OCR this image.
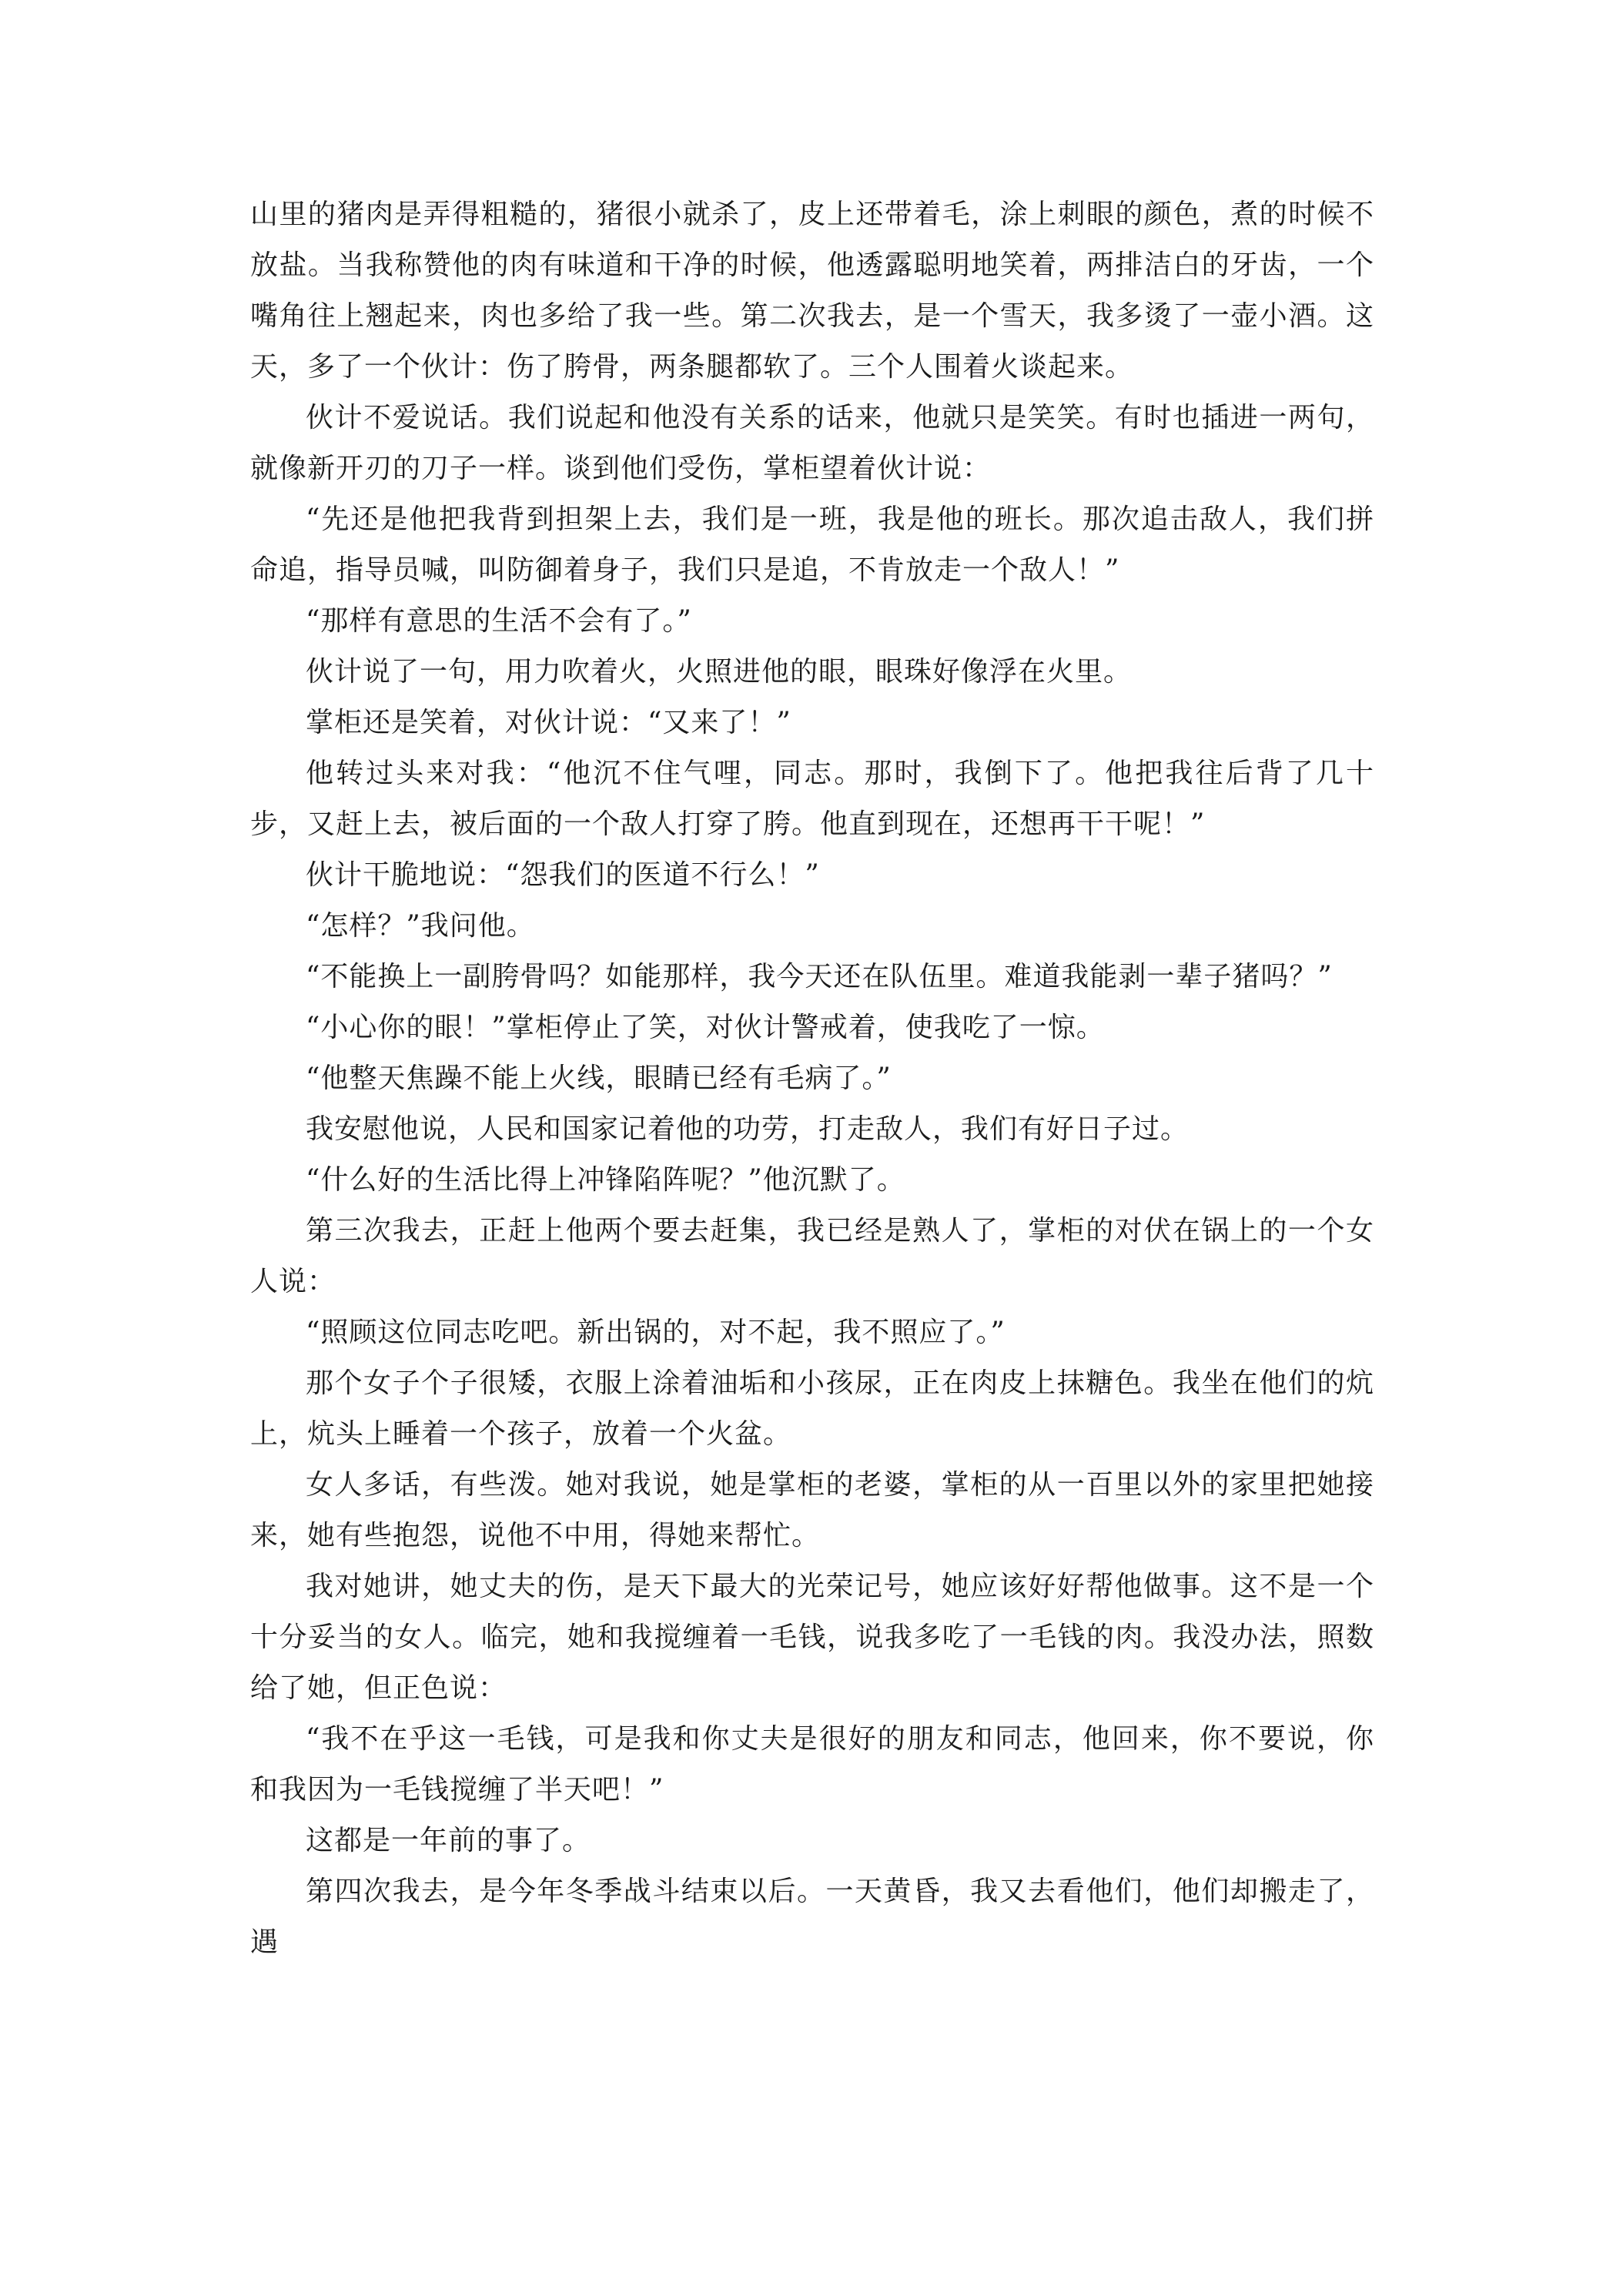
山里的猪肉是弄得粗糙的，猪很小就杀了，皮上还带着毛，涂上刺眼的颜色，煮的时候不放盐。当我称赞他的肉有味道和干净的时候，他透露聪明地笑着，两排洁白的牙齿，一个嘴角往上翘起来，肉也多给了我一些。第二次我去，是一个雪天，我多烫了一壶小酒。这天，多了一个伙计：伤了胯骨，两条腿都软了。三个人围着火谈起来。

伙计不爱说话。我们说起和他没有关系的话来，他就只是笑笑。有时也插进一两句，就像新开刃的刀子一样。谈到他们受伤，掌柜望着伙计说：

“先还是他把我背到担架上去，我们是一班，我是他的班长。那次追击敌人，我们拼命追，指导员喊，叫防御着身子，我们只是追，不肯放走一个敌人！”

“那样有意思的生活不会有了。”

伙计说了一句，用力吹着火，火照进他的眼，眼珠好像浮在火里。

掌柜还是笑着，对伙计说：“又来了！”

他转过头来对我：“他沉不住气哩，同志。那时，我倒下了。他把我往后背了几十步，又赶上去，被后面的一个敌人打穿了胯。他直到现在，还想再干干呢！”

伙计干脆地说：“怨我们的医道不行么！”

“怎样？”我问他。

“不能换上一副胯骨吗？如能那样，我今天还在队伍里。难道我能剥一辈子猪吗？”

“小心你的眼！”掌柜停止了笑，对伙计警戒着，使我吃了一惊。

“他整天焦躁不能上火线，眼睛已经有毛病了。”

我安慰他说，人民和国家记着他的功劳，打走敌人，我们有好日子过。

“什么好的生活比得上冲锋陷阵呢？”他沉默了。

第三次我去，正赶上他两个要去赶集，我已经是熟人了，掌柜的对伏在锅上的一个女人说：

“照顾这位同志吃吧。新出锅的，对不起，我不照应了。”

那个女子个子很矮，衣服上涂着油垢和小孩尿，正在肉皮上抹糖色。我坐在他们的炕上，炕头上睡着一个孩子，放着一个火盆。

女人多话，有些泼。她对我说，她是掌柜的老婆，掌柜的从一百里以外的家里把她接来，她有些抱怨，说他不中用，得她来帮忙。

我对她讲，她丈夫的伤，是天下最大的光荣记号，她应该好好帮他做事。这不是一个十分妥当的女人。临完，她和我搅缠着一毛钱，说我多吃了一毛钱的肉。我没办法，照数给了她，但正色说：

“我不在乎这一毛钱，可是我和你丈夫是很好的朋友和同志，他回来，你不要说，你和我因为一毛钱搅缠了半天吧！”

这都是一年前的事了。

第四次我去，是今年冬季战斗结束以后。一天黄昏，我又去看他们，他们却搬走了，遇
